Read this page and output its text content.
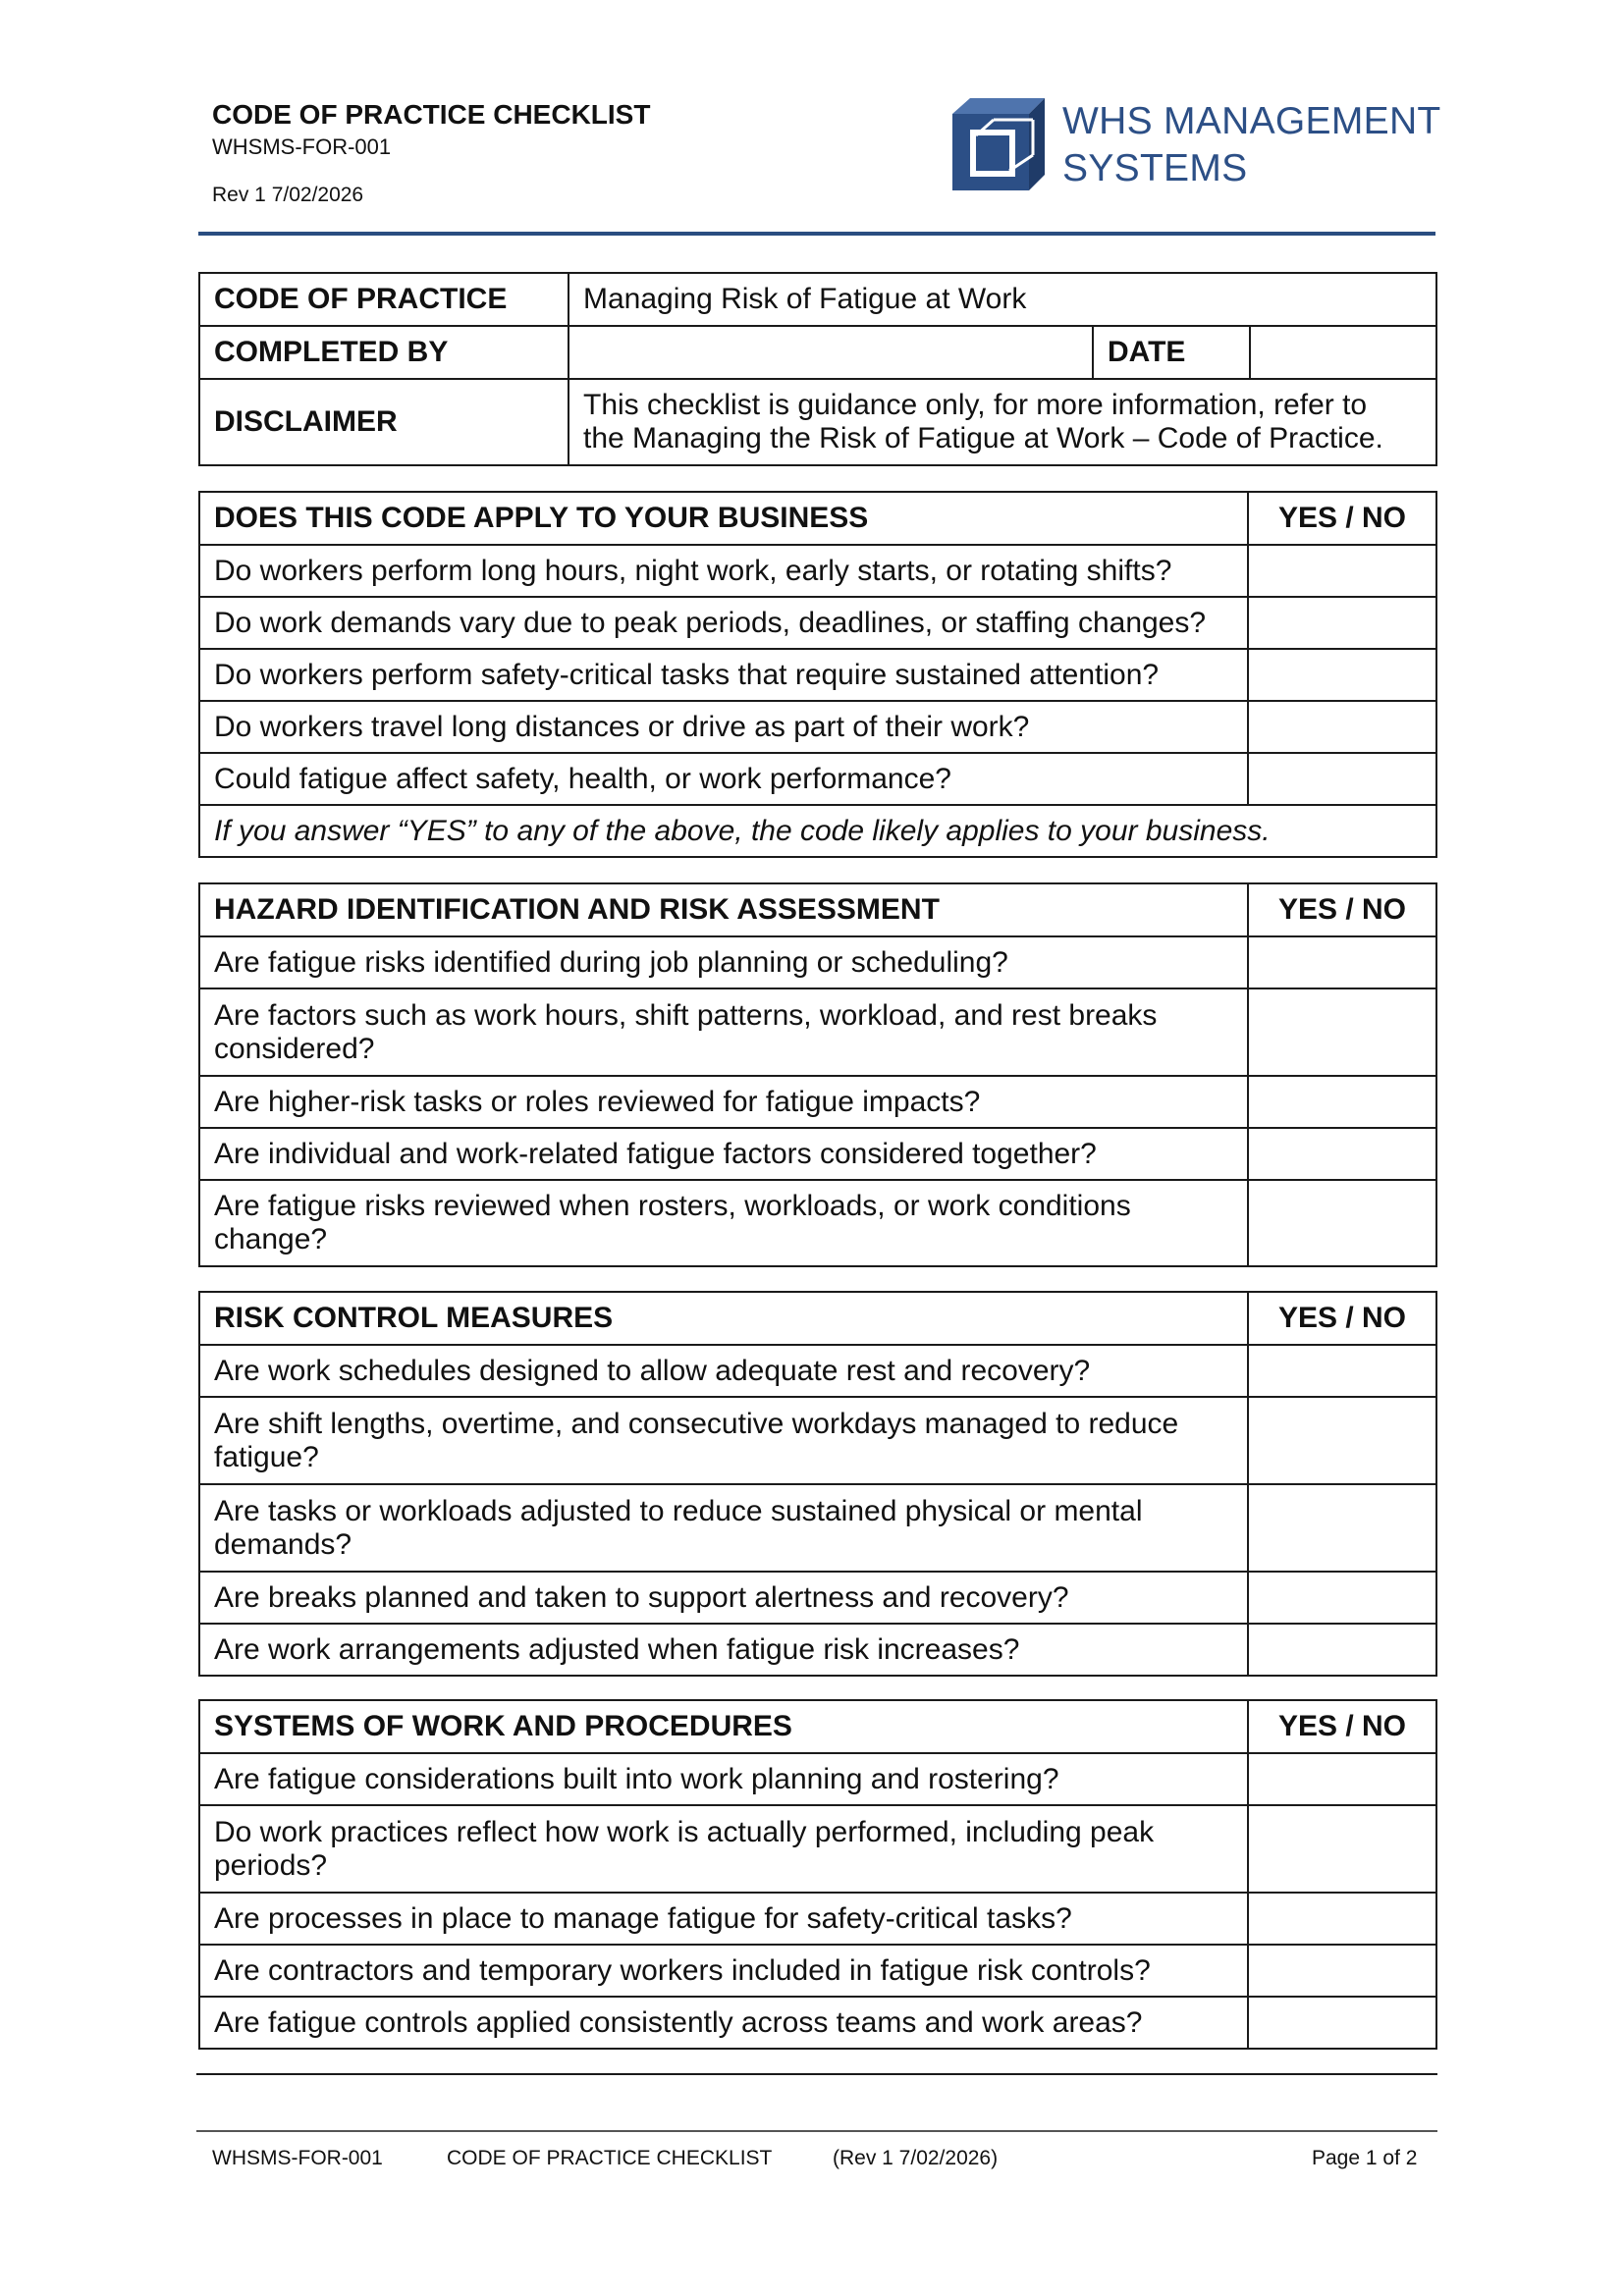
CODE OF PRACTICE CHECKLIST
WHSMS-FOR-001
Rev 1 7/02/2026
WHS MANAGEMENT
SYSTEMS
CODE OF PRACTICE	Managing Risk of Fatigue at Work		
COMPLETED BY		DATE	
DISCLAIMER	This checklist is guidance only, for more information, refer to
the Managing the Risk of Fatigue at Work – Code of Practice.		
DOES THIS CODE APPLY TO YOUR BUSINESS	YES / NO
Do workers perform long hours, night work, early starts, or rotating shifts?	
Do work demands vary due to peak periods, deadlines, or staffing changes?	
Do workers perform safety-critical tasks that require sustained attention?	
Do workers travel long distances or drive as part of their work?	
Could fatigue affect safety, health, or work performance?	
If you answer “YES” to any of the above, the code likely applies to your business.	
HAZARD IDENTIFICATION AND RISK ASSESSMENT	YES / NO
Are fatigue risks identified during job planning or scheduling?	
Are factors such as work hours, shift patterns, workload, and rest breaks considered?	
Are higher-risk tasks or roles reviewed for fatigue impacts?	
Are individual and work-related fatigue factors considered together?	
Are fatigue risks reviewed when rosters, workloads, or work conditions change?	
RISK CONTROL MEASURES	YES / NO
Are work schedules designed to allow adequate rest and recovery?	
Are shift lengths, overtime, and consecutive workdays managed to reduce fatigue?	
Are tasks or workloads adjusted to reduce sustained physical or mental demands?	
Are breaks planned and taken to support alertness and recovery?	
Are work arrangements adjusted when fatigue risk increases?	
SYSTEMS OF WORK AND PROCEDURES	YES / NO
Are fatigue considerations built into work planning and rostering?	
Do work practices reflect how work is actually performed, including peak periods?	
Are processes in place to manage fatigue for safety-critical tasks?	
Are contractors and temporary workers included in fatigue risk controls?	
Are fatigue controls applied consistently across teams and work areas?	
WHSMS-FOR-001	CODE OF PRACTICE CHECKLIST	(Rev 1 7/02/2026)	Page 1 of 2
